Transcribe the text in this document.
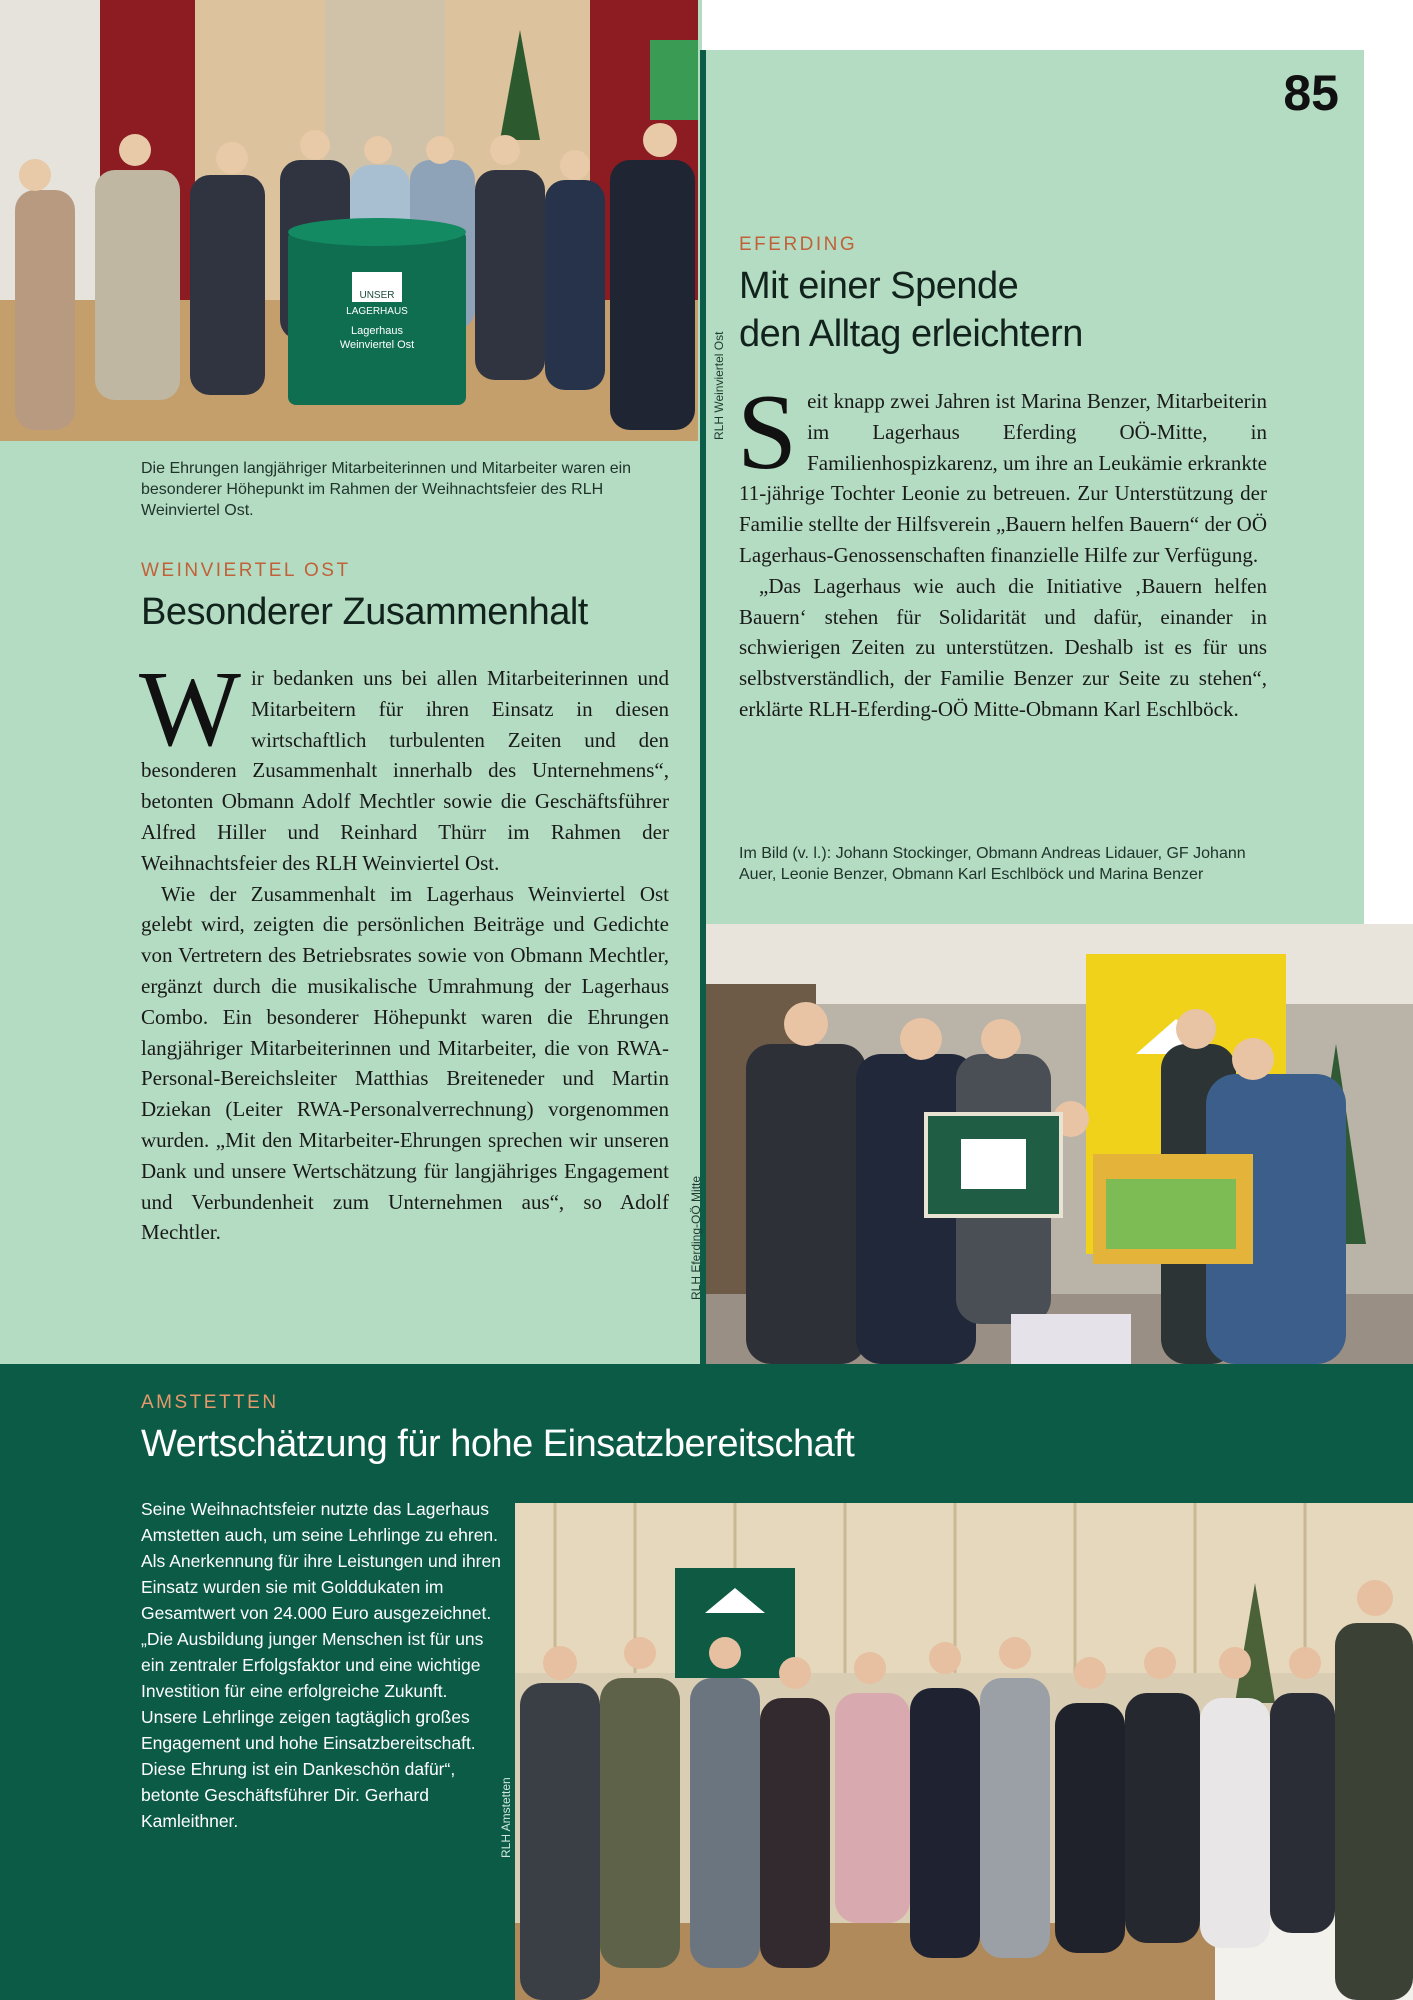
85
UNSER
LAGERHAUS
Lagerhaus
Weinviertel Ost	RLH Weinviertel Ost
Die Ehrungen langjähriger Mitarbeiterinnen und Mitarbeiter waren ein besonderer Höhepunkt im Rahmen der Weihnachtsfeier des RLH Weinviertel Ost.
WEINVIERTEL OST
Besonderer Zusammenhalt

Wir bedanken uns bei allen Mitarbeiterinnen und Mitarbeitern für ihren Einsatz in diesen wirtschaftlich turbulenten Zeiten und den besonderen Zusammenhalt innerhalb des Unternehmens“, betonten Obmann Adolf Mechtler sowie die Geschäftsführer Alfred Hiller und Reinhard Thürr im Rahmen der Weihnachtsfeier des RLH Weinviertel Ost.

Wie der Zusammenhalt im Lagerhaus Weinviertel Ost gelebt wird, zeigten die persönlichen Beiträge und Gedichte von Vertretern des Betriebsrates sowie von Obmann Mechtler, ergänzt durch die musikalische Umrahmung der Lagerhaus Combo. Ein besonderer Höhepunkt waren die Ehrungen langjähriger Mitarbeiterinnen und Mitarbeiter, die von RWA-Personal-Bereichsleiter Matthias Breiteneder und Martin Dziekan (Leiter RWA-Personalverrechnung) vorgenommen wurden. „Mit den Mitarbeiter-Ehrungen sprechen wir unseren Dank und unsere Wertschätzung für langjähriges Engagement und Verbundenheit zum Unternehmen aus“, so Adolf Mechtler.

EFERDING
Mit einer Spende
den Alltag erleichtern

Seit knapp zwei Jahren ist Marina Benzer, Mitarbeiterin im Lagerhaus Eferding OÖ-Mitte, in Familienhospizkarenz, um ihre an Leukämie erkrankte 11-jährige Tochter Leonie zu betreuen. Zur Unterstützung der Familie stellte der Hilfsverein „Bauern helfen Bauern“ der OÖ Lagerhaus-Genossenschaften finanzielle Hilfe zur Verfügung.

„Das Lagerhaus wie auch die Initiative ‚Bauern helfen Bauern‘ stehen für Solidarität und dafür, einander in schwierigen Zeiten zu unterstützen. Deshalb ist es für uns selbstverständlich, der Familie Benzer zur Seite zu stehen“, erklärte RLH-Eferding-OÖ Mitte-Obmann Karl Eschlböck.

Im Bild (v. l.): Johann Stockinger, Obmann Andreas Lidauer, GF Johann Auer, Leonie Benzer, Obmann Karl Eschlböck und Marina Benzer
RLH Eferding-OÖ Mitte
AMSTETTEN
Wertschätzung für hohe Einsatzbereitschaft

Seine Weihnachtsfeier nutzte das Lagerhaus Amstetten auch, um seine Lehrlinge zu ehren. Als Anerkennung für ihre Leistungen und ihren Einsatz wurden sie mit Golddukaten im Gesamtwert von 24.000 Euro ausgezeichnet.

„Die Ausbildung junger Menschen ist für uns ein zentraler Erfolgsfaktor und eine wichtige Investition für eine erfolgreiche Zukunft. Unsere Lehrlinge zeigen tagtäglich großes Engagement und hohe Einsatzbereitschaft. Diese Ehrung ist ein Dankeschön dafür“, betonte Geschäftsführer Dir. Gerhard Kamleithner.	RLH Amstetten
